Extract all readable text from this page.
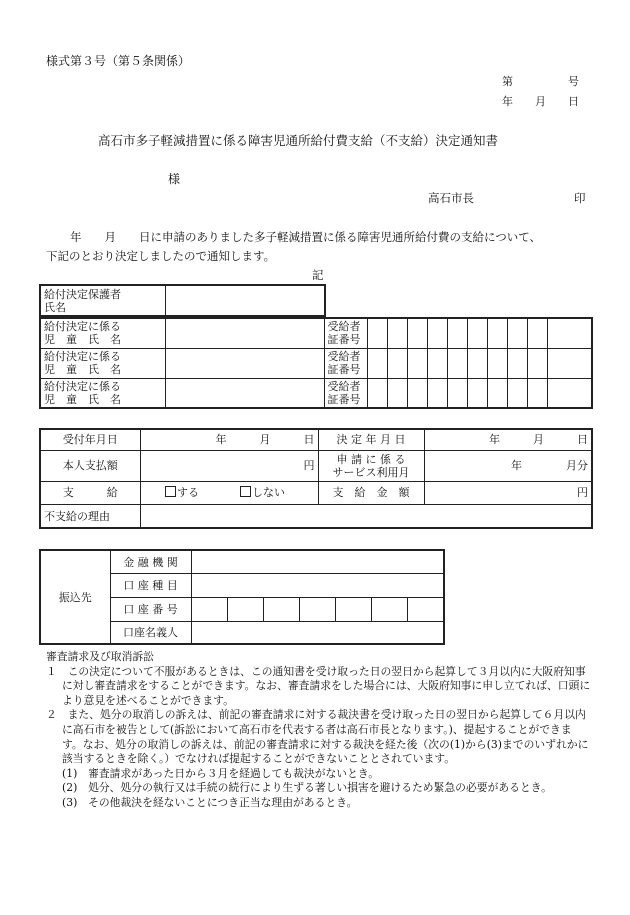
様式第３号（第５条関係）
第　　　　　号
年　　月　　日
高石市多子軽減措置に係る障害児通所給付費支給（不支給）決定通知書
様
高石市長	印
年　　月　　日に申請のありました多子軽減措置に係る障害児通所給付費の支給について、
下記のとおり決定しましたので通知します。
記
給付決定保護者
氏名	
給付決定に係る
児　童　氏　名		受給者
証番号										
給付決定に係る
児　童　氏　名		受給者
証番号										
給付決定に係る
児　童　氏　名		受給者
証番号										
受付年月日	年　　　月　　　日	決 定 年 月 日	年　　　月　　　日
本人支払額	円	申 請 に 係 る
サービス利用月	年　　　　月分
支　　　給	する しない	支　給　金　額	円
不支給の理由			
振込先	金 融 機 関							
	口 座 種 目							
	口 座 番 号							
	口座名義人							

審査請求及び取消訴訟

１　この決定について不服があるときは、この通知書を受け取った日の翌日から起算して３月以内に大阪府知事に対し審査請求をすることができます。なお、審査請求をした場合には、大阪府知事に申し立てれば、口頭により意見を述べることができます。

２　また、処分の取消しの訴えは、前記の審査請求に対する裁決書を受け取った日の翌日から起算して６月以内に高石市を被告として(訴訟において高石市を代表する者は高石市長となります。)、提起することができます。なお、処分の取消しの訴えは、前記の審査請求に対する裁決を経た後（次の(1)から(3)までのいずれかに該当するときを除く。）でなければ提起することができないこととされています。

(1)　審査請求があった日から３月を経過しても裁決がないとき。

(2)　処分、処分の執行又は手続の続行により生ずる著しい損害を避けるため緊急の必要があるとき。

(3)　その他裁決を経ないことにつき正当な理由があるとき。
